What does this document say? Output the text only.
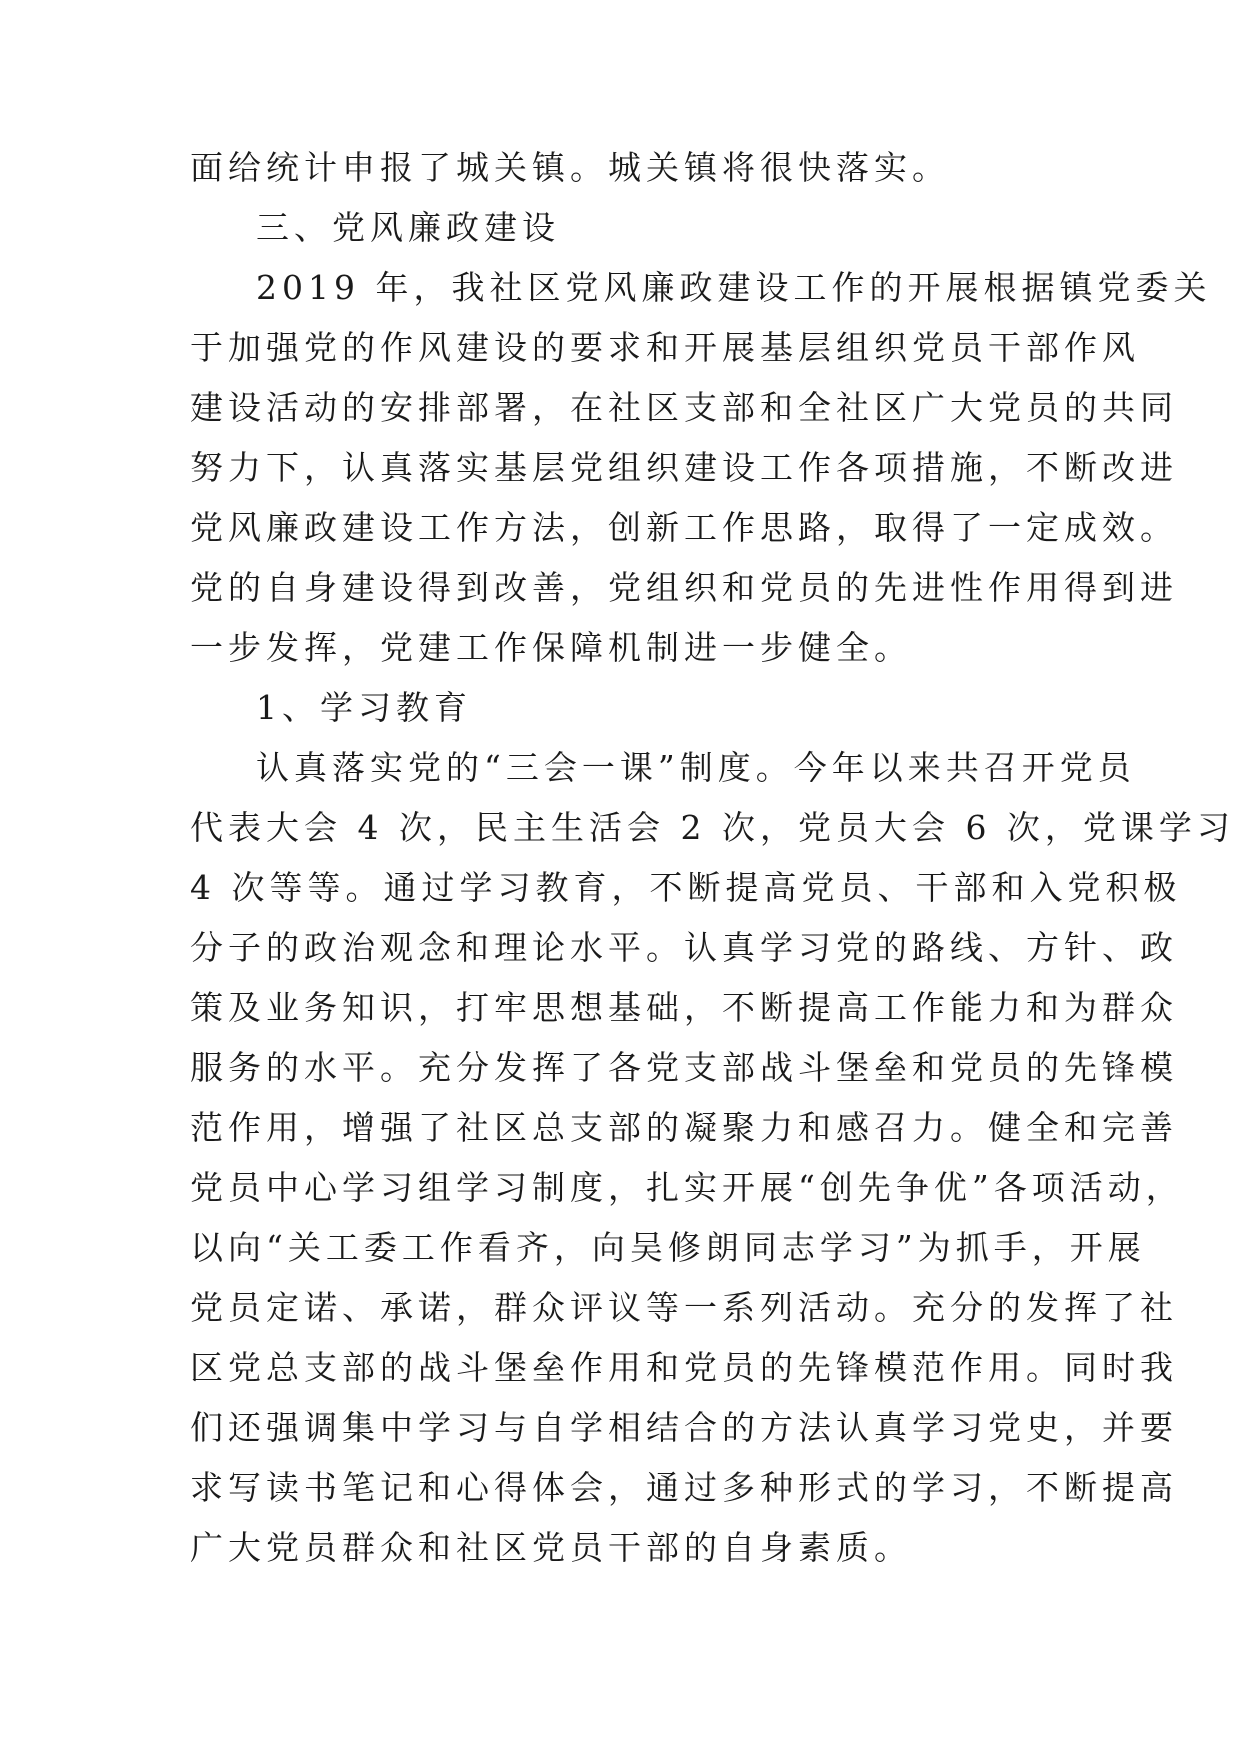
面给统计申报了城关镇。城关镇将很快落实。
三、党风廉政建设
2019 年，我社区党风廉政建设工作的开展根据镇党委关
于加强党的作风建设的要求和开展基层组织党员干部作风
建设活动的安排部署，在社区支部和全社区广大党员的共同
努力下，认真落实基层党组织建设工作各项措施，不断改进
党风廉政建设工作方法，创新工作思路，取得了一定成效。
党的自身建设得到改善，党组织和党员的先进性作用得到进
一步发挥，党建工作保障机制进一步健全。
1、学习教育
认真落实党的“三会一课”制度。今年以来共召开党员
代表大会 4 次，民主生活会 2 次，党员大会 6 次，党课学习
4 次等等。通过学习教育，不断提高党员、干部和入党积极
分子的政治观念和理论水平。认真学习党的路线、方针、政
策及业务知识，打牢思想基础，不断提高工作能力和为群众
服务的水平。充分发挥了各党支部战斗堡垒和党员的先锋模
范作用，增强了社区总支部的凝聚力和感召力。健全和完善
党员中心学习组学习制度，扎实开展“创先争优”各项活动，
以向“关工委工作看齐，向吴修朗同志学习”为抓手，开展
党员定诺、承诺，群众评议等一系列活动。充分的发挥了社
区党总支部的战斗堡垒作用和党员的先锋模范作用。同时我
们还强调集中学习与自学相结合的方法认真学习党史，并要
求写读书笔记和心得体会，通过多种形式的学习，不断提高
广大党员群众和社区党员干部的自身素质。
